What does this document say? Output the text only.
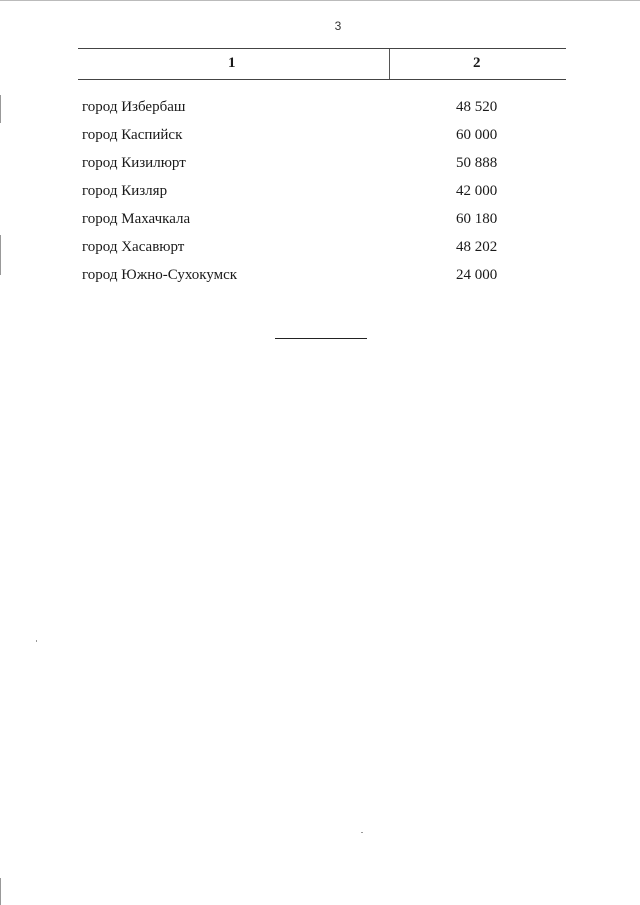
3
1	2
город Избербаш	48 520
город Каспийск	60 000
город Кизилюрт	50 888
город Кизляр	42 000
город Махачкала	60 180
город Хасавюрт	48 202
город Южно-Сухокумск	24 000
